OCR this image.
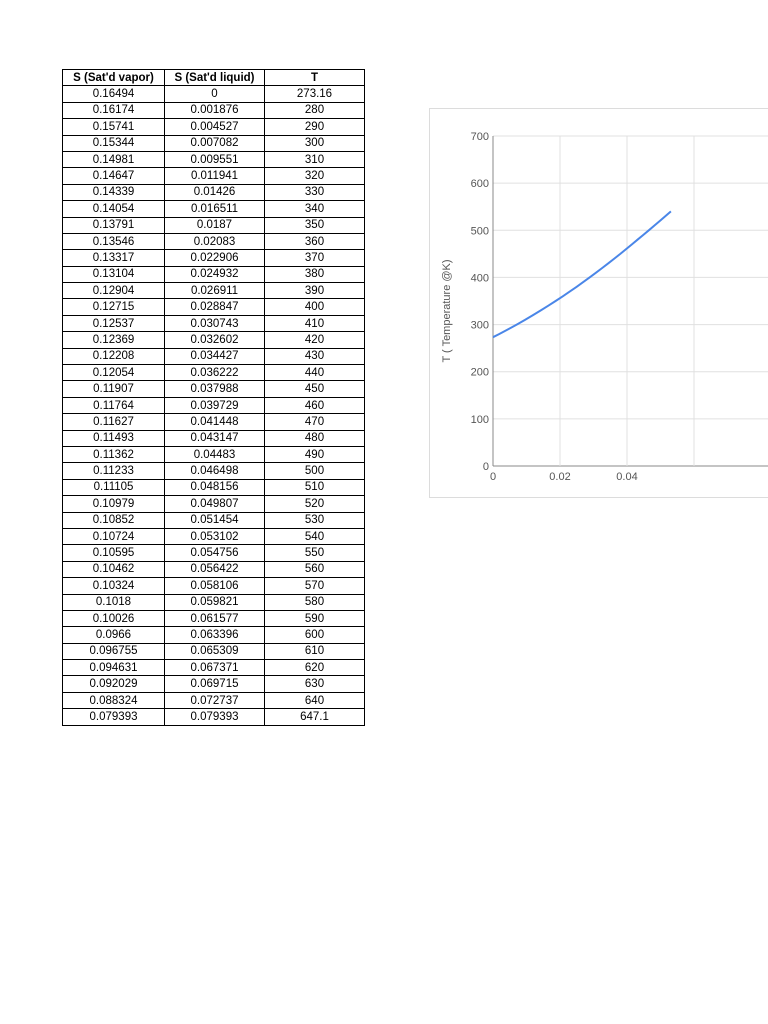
S (Sat'd vapor)	S (Sat'd liquid)	T
0.16494	0	273.16
0.16174	0.001876	280
0.15741	0.004527	290
0.15344	0.007082	300
0.14981	0.009551	310
0.14647	0.011941	320
0.14339	0.01426	330
0.14054	0.016511	340
0.13791	0.0187	350
0.13546	0.02083	360
0.13317	0.022906	370
0.13104	0.024932	380
0.12904	0.026911	390
0.12715	0.028847	400
0.12537	0.030743	410
0.12369	0.032602	420
0.12208	0.034427	430
0.12054	0.036222	440
0.11907	0.037988	450
0.11764	0.039729	460
0.11627	0.041448	470
0.11493	0.043147	480
0.11362	0.04483	490
0.11233	0.046498	500
0.11105	0.048156	510
0.10979	0.049807	520
0.10852	0.051454	530
0.10724	0.053102	540
0.10595	0.054756	550
0.10462	0.056422	560
0.10324	0.058106	570
0.1018	0.059821	580
0.10026	0.061577	590
0.0966	0.063396	600
0.096755	0.065309	610
0.094631	0.067371	620
0.092029	0.069715	630
0.088324	0.072737	640
0.079393	0.079393	647.1
0
100
200
300
400
500
600
700
0	0.02	0.04
T ( Temperature @K)
